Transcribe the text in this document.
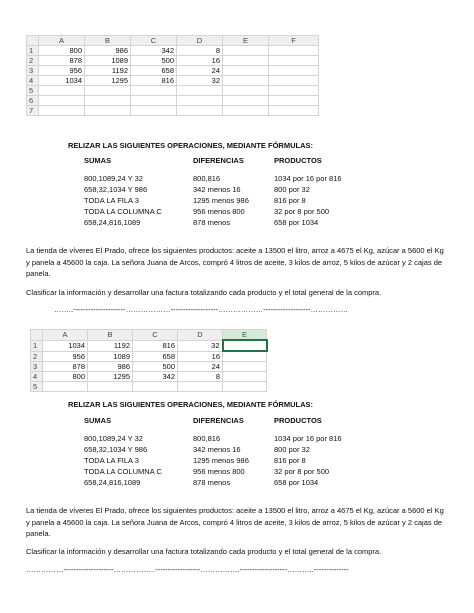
	A	B	C	D	E	F
1	800	986	342	8		
2	878	1089	500	16		
3	956	1192	658	24		
4	1034	1295	816	32		
5						
6						
7						
RELIZAR LAS SIGUIENTES OPERACIONES, MEDIANTE FÓRMULAS:
SUMAS	DIFERENCIAS	PRODUCTOS
800,1089,24 Y 32	800,816	1034 por 16 por 816
658,32,1034 Y 986	342 menos 16	800 por 32
TODA LA FILA 3	1295 menos 986	816 por 8
TODA LA COLUMNA C	956 menos 800	32 por 8 por 500
658,24,816,1089	878 menos	658 por 1034

La tienda de víveres El Prado, ofrece los siguientes productos: aceite a 13500 el litro, arroz a 4675 el Kg, azúcar a 5600 el Kg y panela a 45600 la caja. La señora Juana de Arcos, compró 4 litros de aceite, 3 kilos de arroz, 5 kilos de azúcar y 2 cajas de panela.

Clasificar la información y desarrollar una factura totalizando cada producto y el total general de la compra.

……..---------------------………………-------------------………………-------------------……………
	A	B	C	D	E
1	1034	1192	816	32	
2	956	1089	658	16	
3	878	986	500	24	
4	800	1295	342	8	
5					
RELIZAR LAS SIGUIENTES OPERACIONES, MEDIANTE FÓRMULAS:
SUMAS	DIFERENCIAS	PRODUCTOS
800,1089,24 Y 32	800,816	1034 por 16 por 816
658,32,1034 Y 986	342 menos 16	800 por 32
TODA LA FILA 3	1295 menos 986	816 por 8
TODA LA COLUMNA C	956 menos 800	32 por 8 por 500
658,24,816,1089	878 menos	658 por 1034

La tienda de víveres El Prado, ofrece los siguientes productos: aceite a 13500 el litro, arroz a 4675 el Kg, azúcar a 5600 el Kg y panela a 45600 la caja. La señora Juana de Arcos, compró 4 litros de aceite, 3 kilos de arroz, 5 kilos de azúcar y 2 cajas de panela.

Clasificar la información y desarrollar una factura totalizando cada producto y el total general de la compra.

……………--------------------……………..------------------…………….-------------------………..--------------
